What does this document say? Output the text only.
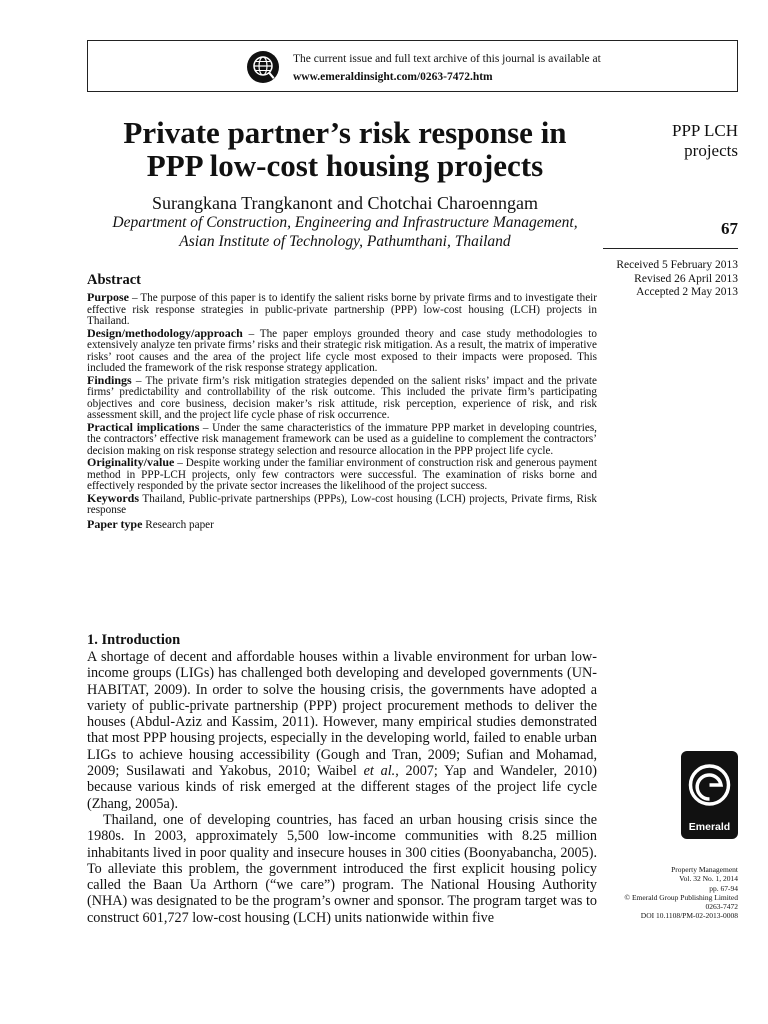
The current issue and full text archive of this journal is available at
www.emeraldinsight.com/0263-7472.htm
Private partner’s risk response in
PPP low-cost housing projects
Surangkana Trangkanont and Chotchai Charoenngam
Department of Construction, Engineering and Infrastructure Management,
Asian Institute of Technology, Pathumthani, Thailand
PPP LCH
projects
67
Received 5 February 2013
Revised 26 April 2013
Accepted 2 May 2013
Abstract

Purpose – The purpose of this paper is to identify the salient risks borne by private firms and to investigate their effective risk response strategies in public-private partnership (PPP) low-cost housing (LCH) projects in Thailand.

Design/methodology/approach – The paper employs grounded theory and case study methodologies to extensively analyze ten private firms’ risks and their strategic risk mitigation. As a result, the matrix of imperative risks’ root causes and the area of the project life cycle most exposed to their impacts were proposed. This included the framework of the risk response strategy application.

Findings – The private firm’s risk mitigation strategies depended on the salient risks’ impact and the private firms’ predictability and controllability of the risk outcome. This included the private firm’s participating objectives and core business, decision maker’s risk attitude, risk perception, experience of risk, and risk assessment skill, and the project life cycle phase of risk occurrence.

Practical implications – Under the same characteristics of the immature PPP market in developing countries, the contractors’ effective risk management framework can be used as a guideline to complement the contractors’ decision making on risk response strategy selection and resource allocation in the PPP project life cycle.

Originality/value – Despite working under the familiar environment of construction risk and generous payment method in PPP-LCH projects, only few contractors were successful. The examination of risks borne and effectively responded by the private sector increases the likelihood of the project success.

Keywords Thailand, Public-private partnerships (PPPs), Low-cost housing (LCH) projects, Private firms, Risk response

Paper type Research paper

1. Introduction

A shortage of decent and affordable houses within a livable environment for urban low-income groups (LIGs) has challenged both developing and developed governments (UN-HABITAT, 2009). In order to solve the housing crisis, the governments have adopted a variety of public-private partnership (PPP) project procurement methods to deliver the houses (Abdul-Aziz and Kassim, 2011). However, many empirical studies demonstrated that most PPP housing projects, especially in the developing world, failed to enable urban LIGs to achieve housing accessibility (Gough and Tran, 2009; Sufian and Mohamad, 2009; Susilawati and Yakobus, 2010; Waibel et al., 2007; Yap and Wandeler, 2010) because various kinds of risk emerged at the different stages of the project life cycle (Zhang, 2005a).

Thailand, one of developing countries, has faced an urban housing crisis since the 1980s. In 2003, approximately 5,500 low-income communities with 8.25 million inhabitants lived in poor quality and insecure houses in 300 cities (Boonyabancha, 2005). To alleviate this problem, the government introduced the first explicit housing policy called the Baan Ua Arthorn (“we care”) program. The National Housing Authority (NHA) was designated to be the program’s owner and sponsor. The program target was to construct 601,727 low-cost housing (LCH) units nationwide within five

Emerald
Property Management
Vol. 32 No. 1, 2014
pp. 67-94
© Emerald Group Publishing Limited
0263-7472
DOI 10.1108/PM-02-2013-0008
